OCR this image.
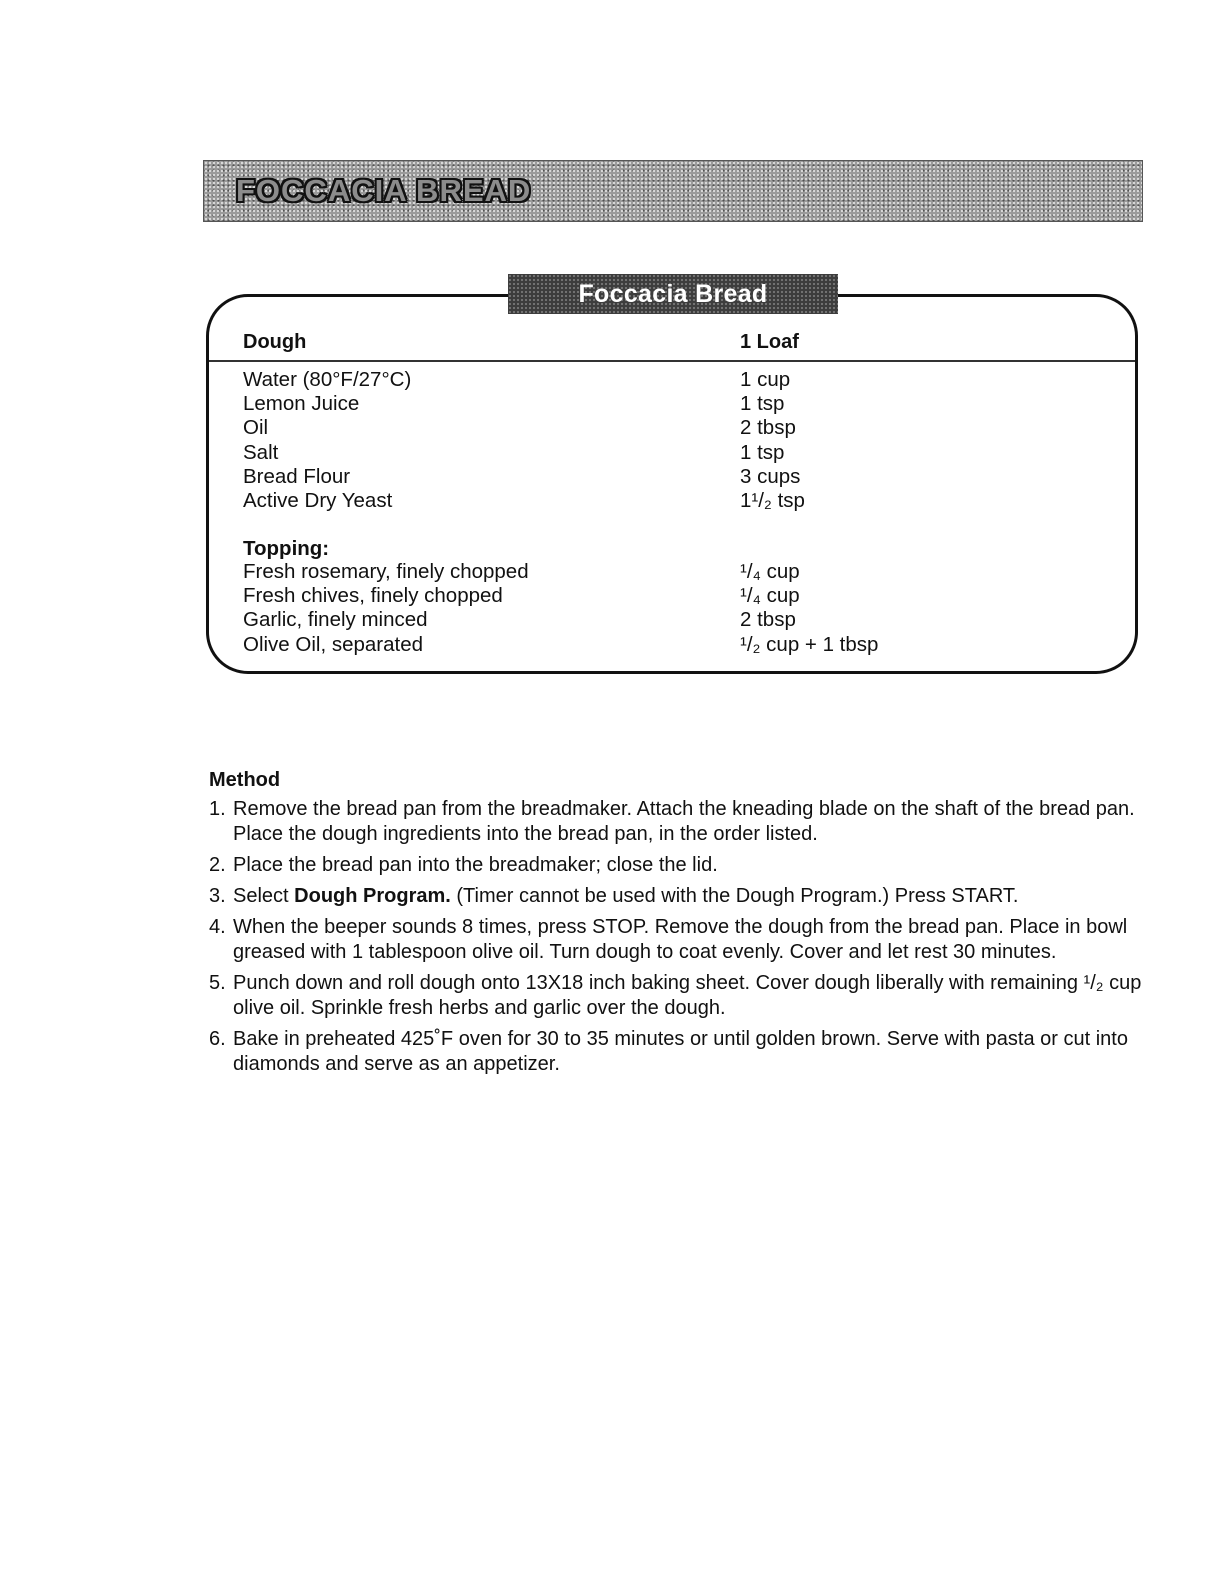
FOCCACIA BREAD
Foccacia Bread
Dough	1 Loaf
Water (80°F/27°C)	1 cup
Lemon Juice	1 tsp
Oil	2 tbsp
Salt	1 tsp
Bread Flour	3 cups
Active Dry Yeast	1¹/₂ tsp
Topping:
Fresh rosemary, finely chopped	¹/₄ cup
Fresh chives, finely chopped	¹/₄ cup
Garlic, finely minced	2 tbsp
Olive Oil, separated	¹/₂ cup + 1 tbsp
Method
1. Remove the bread pan from the breadmaker. Attach the kneading blade on the shaft of the bread pan. Place the dough ingredients into the bread pan, in the order listed.
2. Place the bread pan into the breadmaker; close the lid.
3. Select Dough Program. (Timer cannot be used with the Dough Program.) Press START.
4. When the beeper sounds 8 times, press STOP. Remove the dough from the bread pan. Place in bowl greased with 1 tablespoon olive oil. Turn dough to coat evenly. Cover and let rest 30 minutes.
5. Punch down and roll dough onto 13X18 inch baking sheet. Cover dough liberally with remaining ¹/₂ cup olive oil. Sprinkle fresh herbs and garlic over the dough.
6. Bake in preheated 425˚F oven for 30 to 35 minutes or until golden brown. Serve with pasta or cut into diamonds and serve as an appetizer.
